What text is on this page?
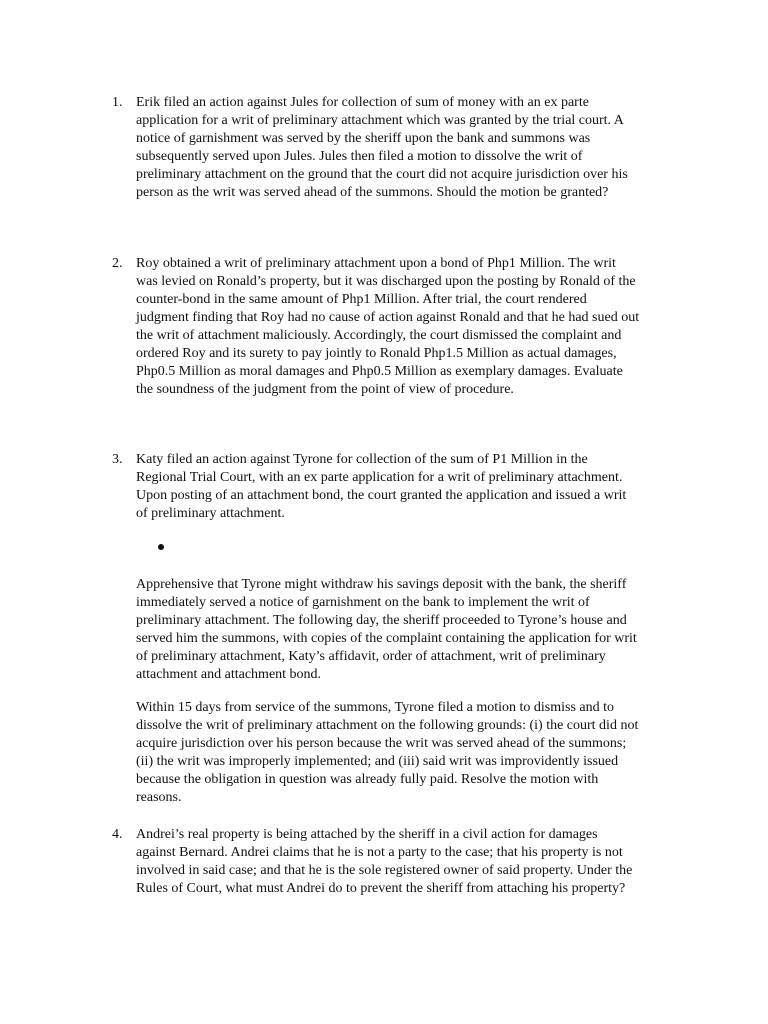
1. Erik filed an action against Jules for collection of sum of money with an ex parte
application for a writ of preliminary attachment which was granted by the trial court. A
notice of garnishment was served by the sheriff upon the bank and summons was
subsequently served upon Jules. Jules then filed a motion to dissolve the writ of
preliminary attachment on the ground that the court did not acquire jurisdiction over his
person as the writ was served ahead of the summons. Should the motion be granted?
2. Roy obtained a writ of preliminary attachment upon a bond of Php1 Million. The writ
was levied on Ronald’s property, but it was discharged upon the posting by Ronald of the
counter-bond in the same amount of Php1 Million. After trial, the court rendered
judgment finding that Roy had no cause of action against Ronald and that he had sued out
the writ of attachment maliciously. Accordingly, the court dismissed the complaint and
ordered Roy and its surety to pay jointly to Ronald Php1.5 Million as actual damages,
Php0.5 Million as moral damages and Php0.5 Million as exemplary damages. Evaluate
the soundness of the judgment from the point of view of procedure.
3. Katy filed an action against Tyrone for collection of the sum of P1 Million in the
Regional Trial Court, with an ex parte application for a writ of preliminary attachment.
Upon posting of an attachment bond, the court granted the application and issued a writ
of preliminary attachment.
Apprehensive that Tyrone might withdraw his savings deposit with the bank, the sheriff
immediately served a notice of garnishment on the bank to implement the writ of
preliminary attachment. The following day, the sheriff proceeded to Tyrone’s house and
served him the summons, with copies of the complaint containing the application for writ
of preliminary attachment, Katy’s affidavit, order of attachment, writ of preliminary
attachment and attachment bond.
Within 15 days from service of the summons, Tyrone filed a motion to dismiss and to
dissolve the writ of preliminary attachment on the following grounds: (i) the court did not
acquire jurisdiction over his person because the writ was served ahead of the summons;
(ii) the writ was improperly implemented; and (iii) said writ was improvidently issued
because the obligation in question was already fully paid. Resolve the motion with
reasons.
4. Andrei’s real property is being attached by the sheriff in a civil action for damages
against Bernard. Andrei claims that he is not a party to the case; that his property is not
involved in said case; and that he is the sole registered owner of said property. Under the
Rules of Court, what must Andrei do to prevent the sheriff from attaching his property?
